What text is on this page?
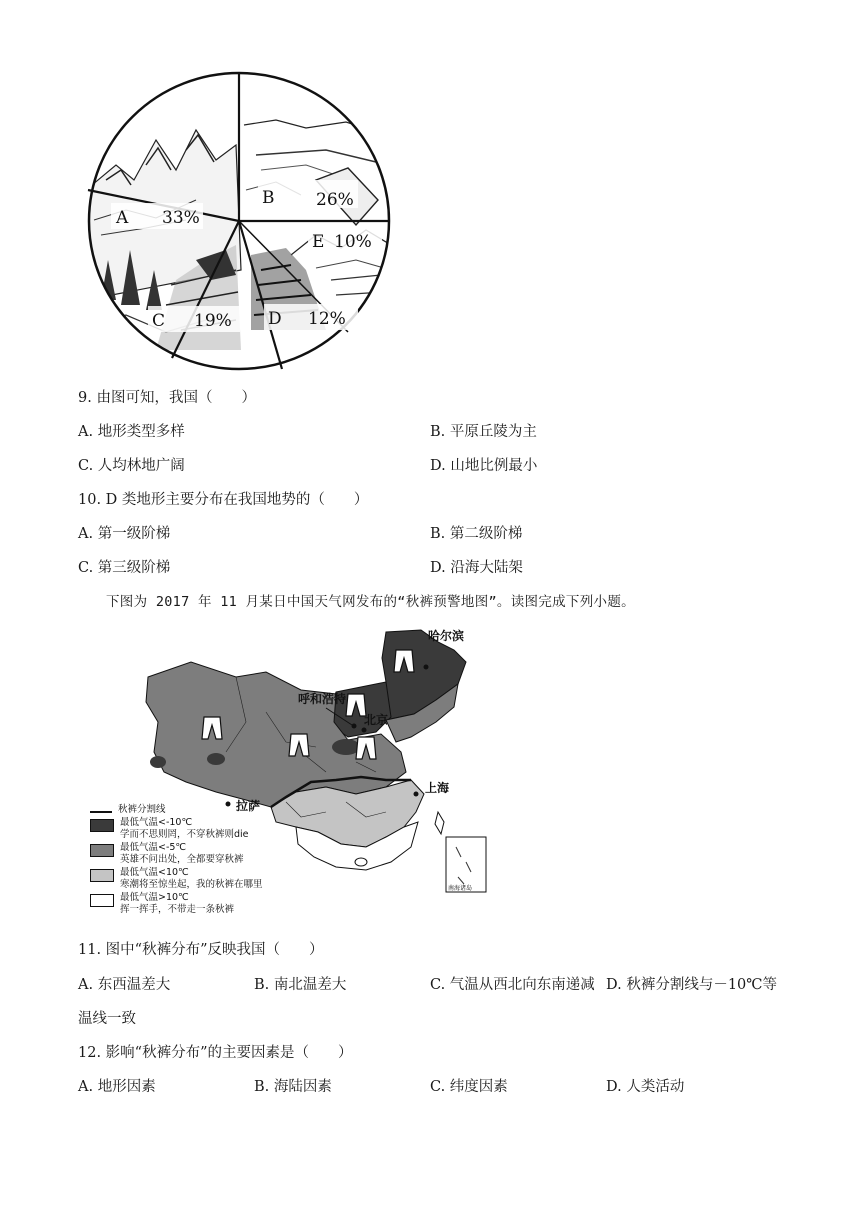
A 33%
B 26%
E 10%
C 19% D 12%
9. 由图可知，我国（　　）
A. 地形类型多样	B. 平原丘陵为主
C. 人均林地广阔	D. 山地比例最小
10. D 类地形主要分布在我国地势的（　　）
A. 第一级阶梯	B. 第二级阶梯
C. 第三级阶梯	D. 沿海大陆架
下图为 2017 年 11 月某日中国天气网发布的“秋裤预警地图”。读图完成下列小题。
南海诸岛
哈尔滨
呼和浩特
北京
上海
拉萨
秋裤分割线
最低气温<-10℃
学而不思则罔，不穿秋裤则die
最低气温<-5℃
英雄不问出处，全都要穿秋裤
最低气温<10℃
寒潮将至惊坐起，我的秋裤在哪里
最低气温>10℃
挥一挥手，不带走一条秋裤
11. 图中“秋裤分布”反映我国（　　）
A. 东西温差大	B. 南北温差大	C. 气温从西北向东南递减 D. 秋裤分割线与－10℃等
温线一致
12. 影响“秋裤分布”的主要因素是（　　）
A. 地形因素	B. 海陆因素	C. 纬度因素	D. 人类活动
